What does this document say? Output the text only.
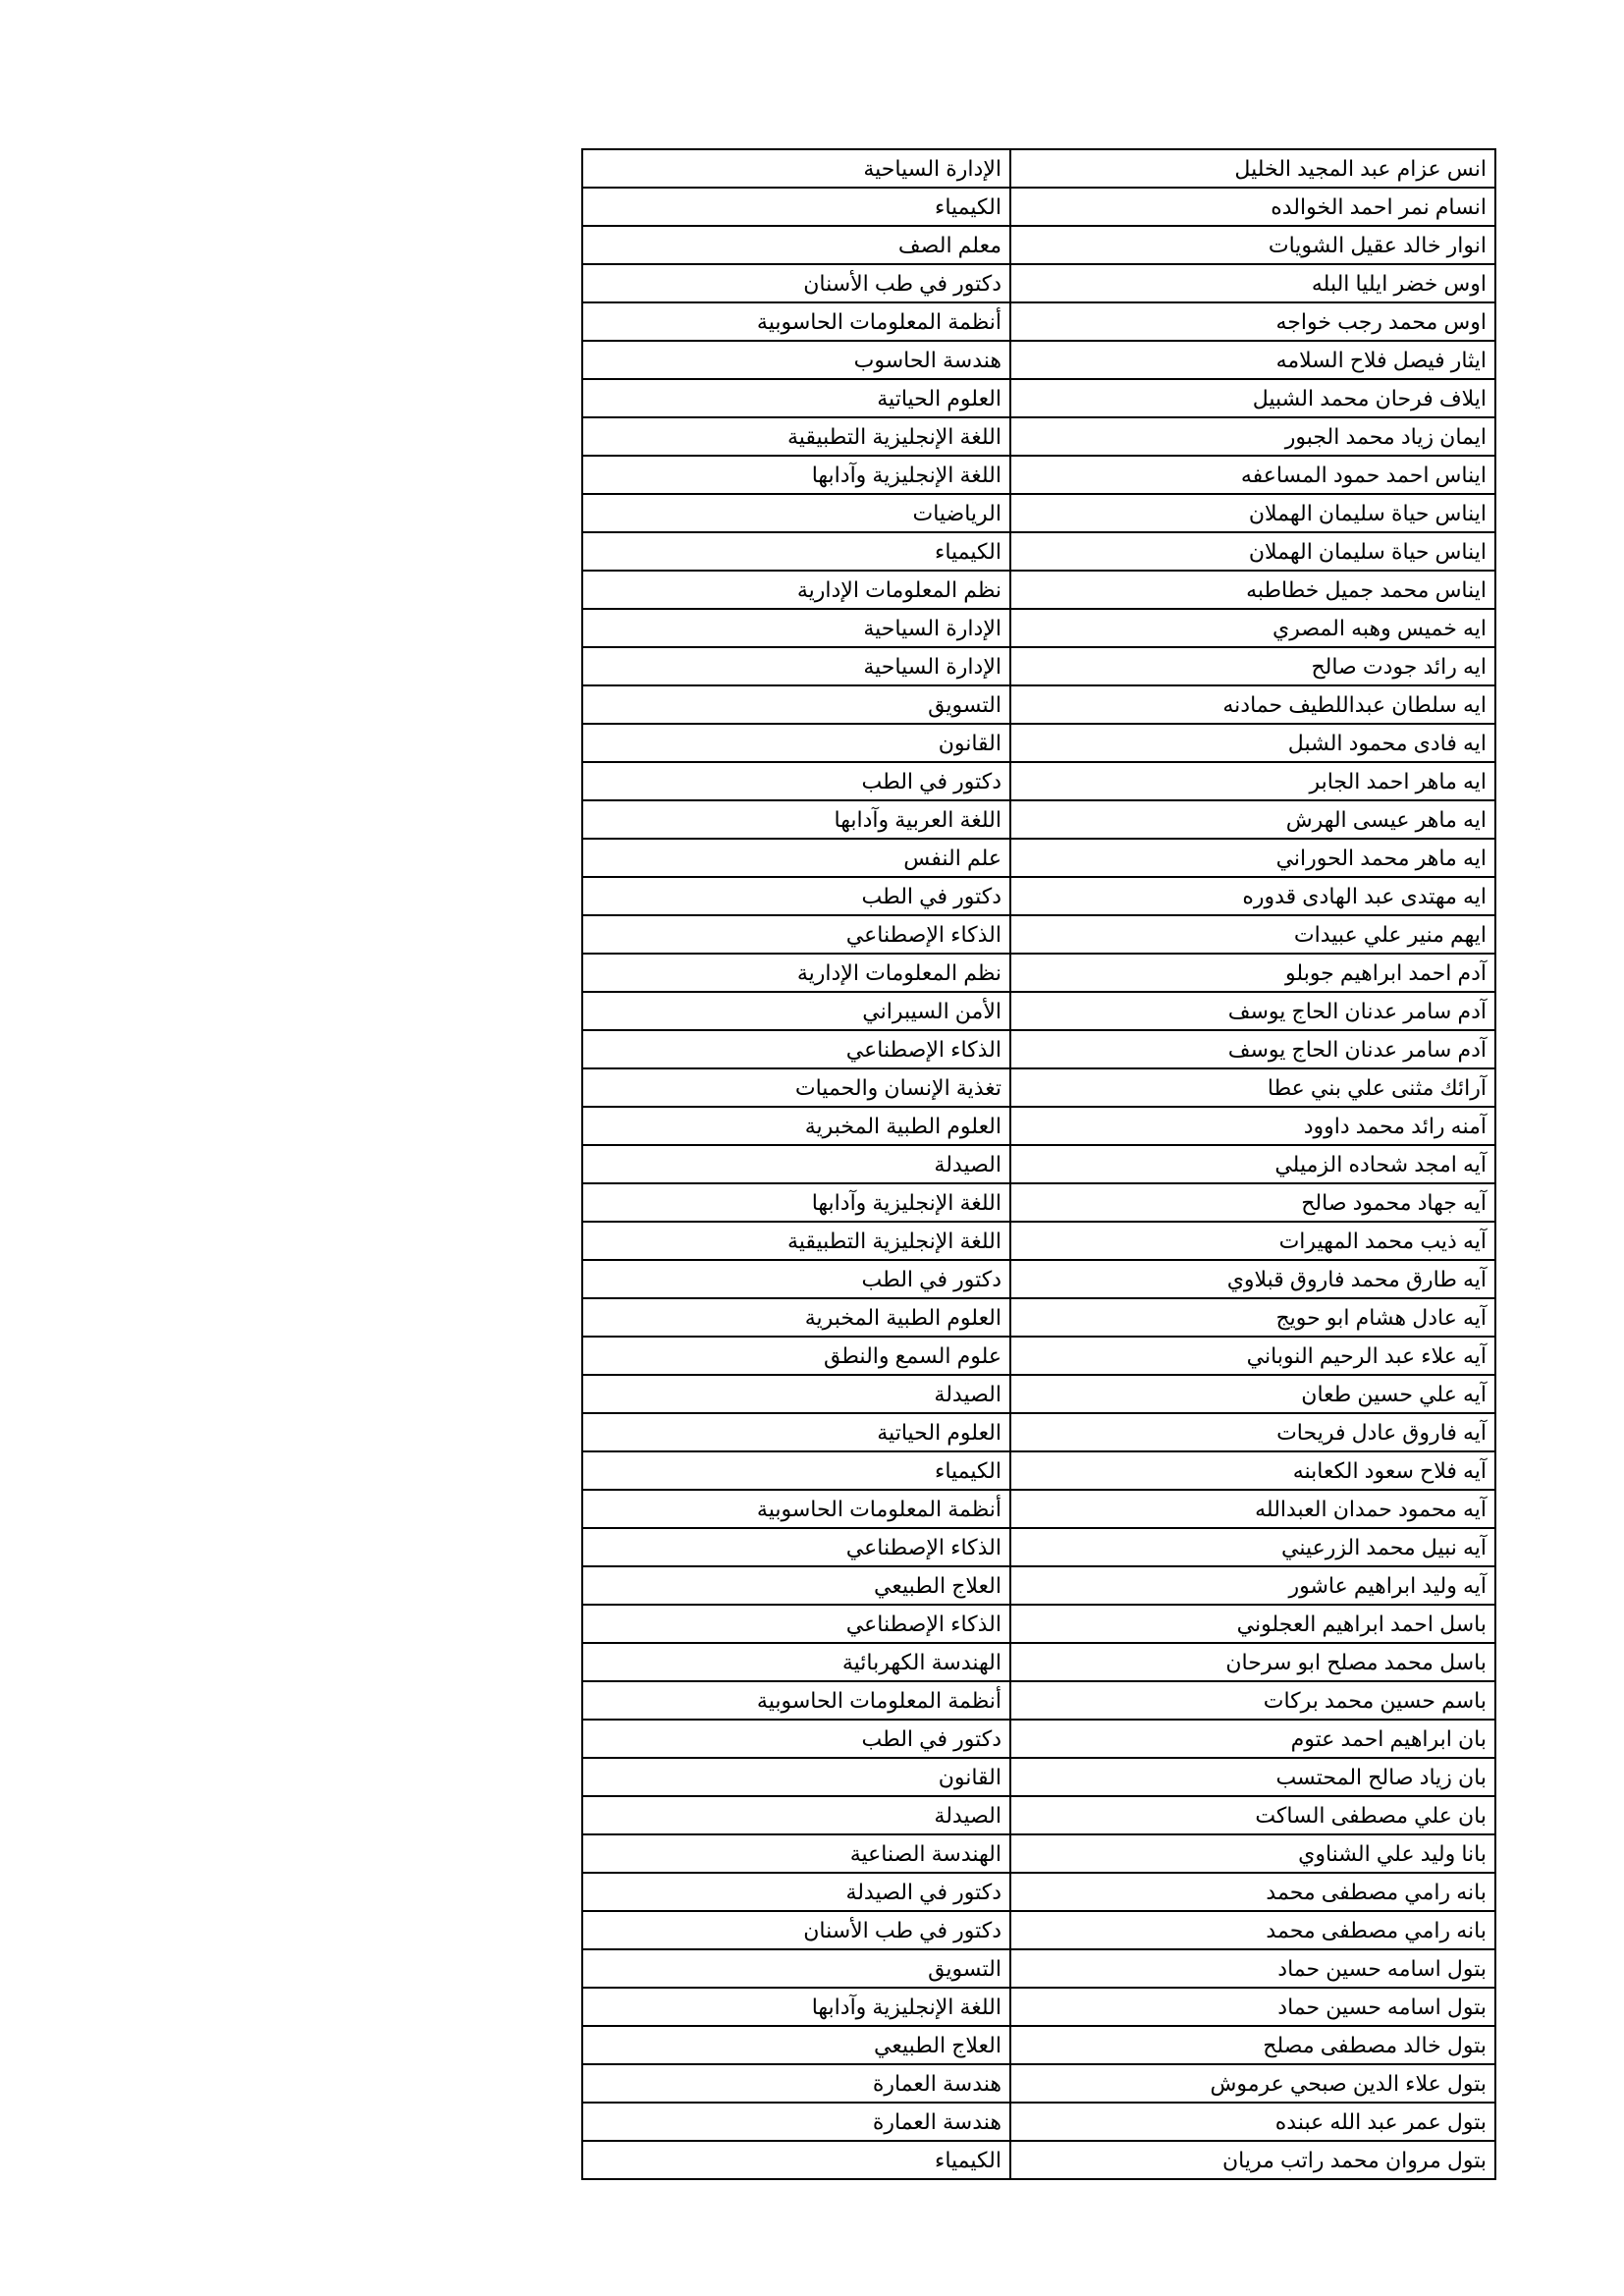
انس عزام عبد المجيد الخليل	الإدارة السياحية
انسام نمر احمد الخوالده	الكيمياء
انوار خالد عقيل الشويات	معلم الصف
اوس خضر ايليا البله	دكتور في طب الأسنان
اوس محمد رجب خواجه	أنظمة المعلومات الحاسوبية
ايثار فيصل فلاح السلامه	هندسة الحاسوب
ايلاف فرحان محمد الشبيل	العلوم الحياتية
ايمان زياد محمد الجبور	اللغة الإنجليزية التطبيقية
ايناس احمد حمود المساعفه	اللغة الإنجليزية وآدابها
ايناس حياة سليمان الهملان	الرياضيات
ايناس حياة سليمان الهملان	الكيمياء
ايناس محمد جميل خطاطبه	نظم المعلومات الإدارية
ايه خميس وهبه المصري	الإدارة السياحية
ايه رائد جودت صالح	الإدارة السياحية
ايه سلطان عبداللطيف حمادنه	التسويق
ايه فادى محمود الشبل	القانون
ايه ماهر احمد الجابر	دكتور في الطب
ايه ماهر عيسى الهرش	اللغة العربية وآدابها
ايه ماهر محمد الحوراني	علم النفس
ايه مهتدى عبد الهادى قدوره	دكتور في الطب
ايهم منير علي عبيدات	الذكاء الإصطناعي
آدم احمد ابراهيم جوبلو	نظم المعلومات الإدارية
آدم سامر عدنان الحاج يوسف	الأمن السيبراني
آدم سامر عدنان الحاج يوسف	الذكاء الإصطناعي
آرائك مثنى علي بني عطا	تغذية الإنسان والحميات
آمنه رائد محمد داوود	العلوم الطبية المخبرية
آيه امجد شحاده الزميلي	الصيدلة
آيه جهاد محمود صالح	اللغة الإنجليزية وآدابها
آيه ذيب محمد المهيرات	اللغة الإنجليزية التطبيقية
آيه طارق محمد فاروق قبلاوي	دكتور في الطب
آيه عادل هشام ابو حويج	العلوم الطبية المخبرية
آيه علاء عبد الرحيم النوباني	علوم السمع والنطق
آيه علي حسين طعان	الصيدلة
آيه فاروق عادل فريحات	العلوم الحياتية
آيه فلاح سعود الكعابنه	الكيمياء
آيه محمود حمدان العبدالله	أنظمة المعلومات الحاسوبية
آيه نبيل محمد الزرعيني	الذكاء الإصطناعي
آيه وليد ابراهيم عاشور	العلاج الطبيعي
باسل احمد ابراهيم العجلوني	الذكاء الإصطناعي
باسل محمد مصلح ابو سرحان	الهندسة الكهربائية
باسم حسين محمد بركات	أنظمة المعلومات الحاسوبية
بان ابراهيم احمد عتوم	دكتور في الطب
بان زياد صالح المحتسب	القانون
بان علي مصطفى الساكت	الصيدلة
بانا وليد علي الشناوي	الهندسة الصناعية
بانه رامي مصطفى محمد	دكتور في الصيدلة
بانه رامي مصطفى محمد	دكتور في طب الأسنان
بتول اسامه حسين حماد	التسويق
بتول اسامه حسين حماد	اللغة الإنجليزية وآدابها
بتول خالد مصطفى مصلح	العلاج الطبيعي
بتول علاء الدين صبحي عرموش	هندسة العمارة
بتول عمر عبد الله عبنده	هندسة العمارة
بتول مروان محمد راتب مريان	الكيمياء
